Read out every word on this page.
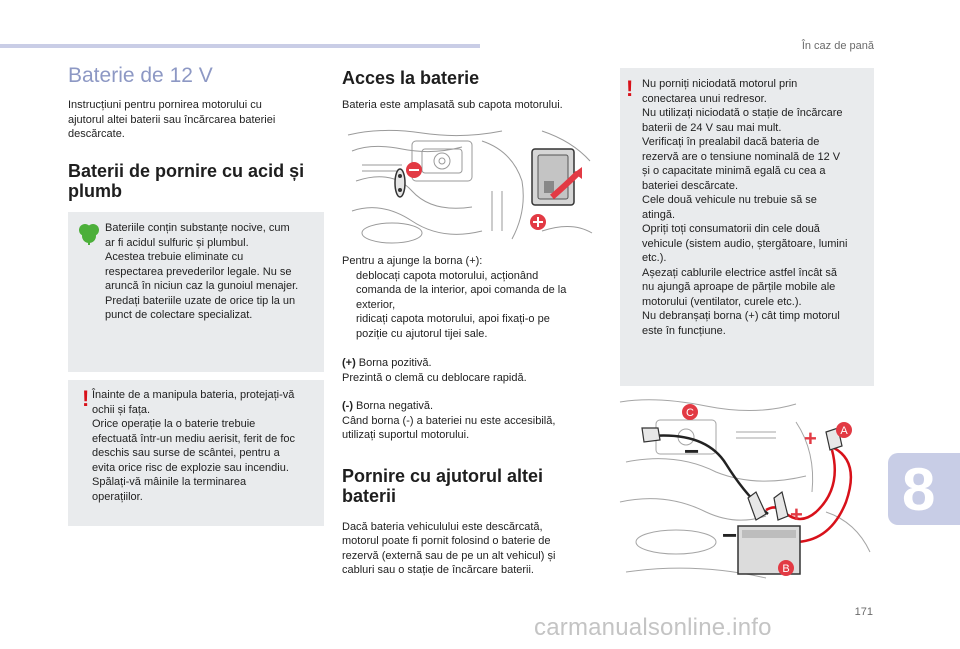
În caz de pană
8
171
carmanualsonline.info
Baterie de 12 V
Instrucțiuni pentru pornirea motorului cu ajutorul altei baterii sau încărcarea bateriei descărcate.
Baterii de pornire cu acid și plumb
Bateriile conțin substanțe nocive, cum
ar fi acidul sulfuric și plumbul.
Acestea trebuie eliminate cu
respectarea prevederilor legale. Nu se
aruncă în niciun caz la gunoiul menajer.
Predați bateriile uzate de orice tip la un
punct de colectare specializat.
! Înainte de a manipula bateria, protejați-vă
ochii și fața.
Orice operație la o baterie trebuie
efectuată într-un mediu aerisit, ferit de foc
deschis sau surse de scântei, pentru a
evita orice risc de explozie sau incendiu.
Spălați-vă mâinile la terminarea
operațiilor.
Acces la baterie
Bateria este amplasată sub capota motorului.
Pentru a ajunge la borna (+):
deblocați capota motorului, acționând
comanda de la interior, apoi comanda de la
exterior,
ridicați capota motorului, apoi fixați-o pe
poziție cu ajutorul tijei sale.
(+) Borna pozitivă.
Prezintă o clemă cu deblocare rapidă.
(-) Borna negativă.
Când borna (-) a bateriei nu este accesibilă,
utilizați suportul motorului.
Pornire cu ajutorul altei
baterii
Dacă bateria vehiculului este descărcată,
motorul poate fi pornit folosind o baterie de
rezervă (externă sau de pe un alt vehicul) și
cabluri sau o stație de încărcare baterii.
! Nu porniți niciodată motorul prin
conectarea unui redresor.
Nu utilizați niciodată o stație de încărcare
baterii de 24 V sau mai mult.
Verificați în prealabil dacă bateria de
rezervă are o tensiune nominală de 12 V
și o capacitate minimă egală cu cea a
bateriei descărcate.
Cele două vehicule nu trebuie să se
atingă.
Opriți toți consumatorii din cele două
vehicule (sistem audio, ștergătoare, lumini
etc.).
Așezați cablurile electrice astfel încât să
nu ajungă aproape de părțile mobile ale
motorului (ventilator, curele etc.).
Nu debranșați borna (+) cât timp motorul
este în funcțiune.
C
A
B
+
+
−
−
